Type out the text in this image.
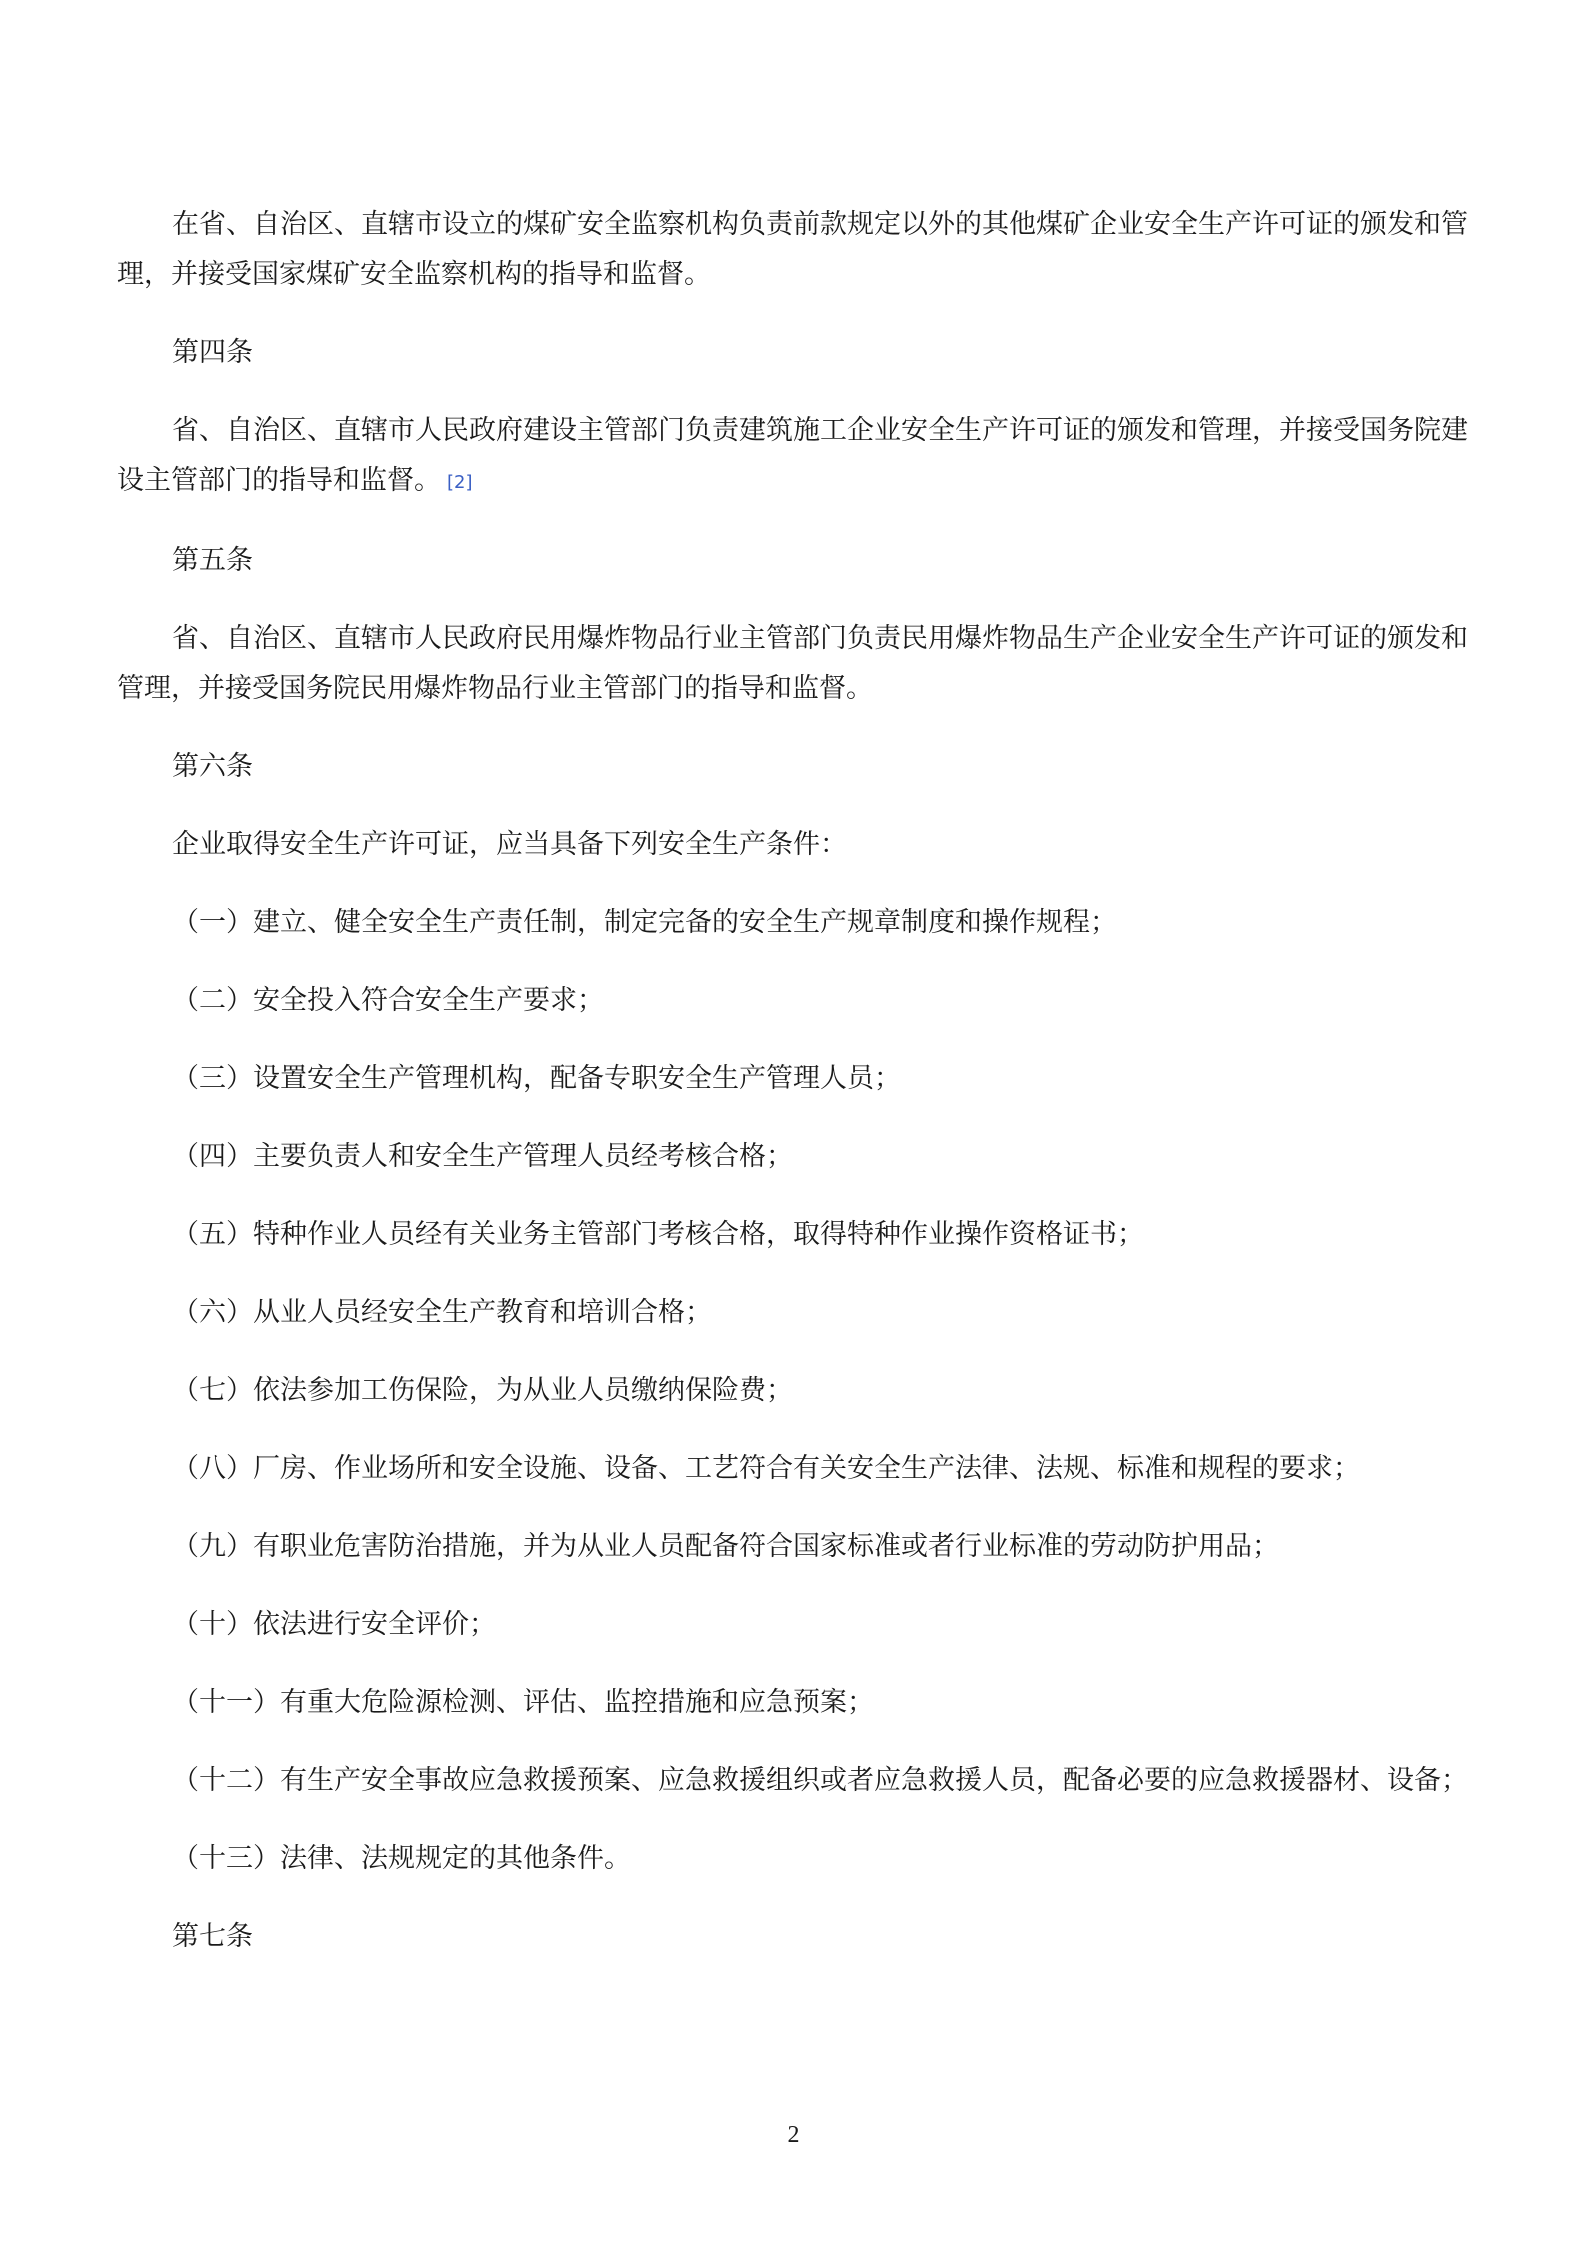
在省、自治区、直辖市设立的煤矿安全监察机构负责前款规定以外的其他煤矿企业安全生产许可证的颁发和管理，并接受国家煤矿安全监察机构的指导和监督。

第四条

省、自治区、直辖市人民政府建设主管部门负责建筑施工企业安全生产许可证的颁发和管理，并接受国务院建设主管部门的指导和监督。 [2]

第五条

省、自治区、直辖市人民政府民用爆炸物品行业主管部门负责民用爆炸物品生产企业安全生产许可证的颁发和管理，并接受国务院民用爆炸物品行业主管部门的指导和监督。

第六条

企业取得安全生产许可证，应当具备下列安全生产条件：

（一）建立、健全安全生产责任制，制定完备的安全生产规章制度和操作规程；

（二）安全投入符合安全生产要求；

（三）设置安全生产管理机构，配备专职安全生产管理人员；

（四）主要负责人和安全生产管理人员经考核合格；

（五）特种作业人员经有关业务主管部门考核合格，取得特种作业操作资格证书；

（六）从业人员经安全生产教育和培训合格；

（七）依法参加工伤保险，为从业人员缴纳保险费；

（八）厂房、作业场所和安全设施、设备、工艺符合有关安全生产法律、法规、标准和规程的要求；

（九）有职业危害防治措施，并为从业人员配备符合国家标准或者行业标准的劳动防护用品；

（十）依法进行安全评价；

（十一）有重大危险源检测、评估、监控措施和应急预案；

（十二）有生产安全事故应急救援预案、应急救援组织或者应急救援人员，配备必要的应急救援器材、设备；

（十三）法律、法规规定的其他条件。

第七条

2
